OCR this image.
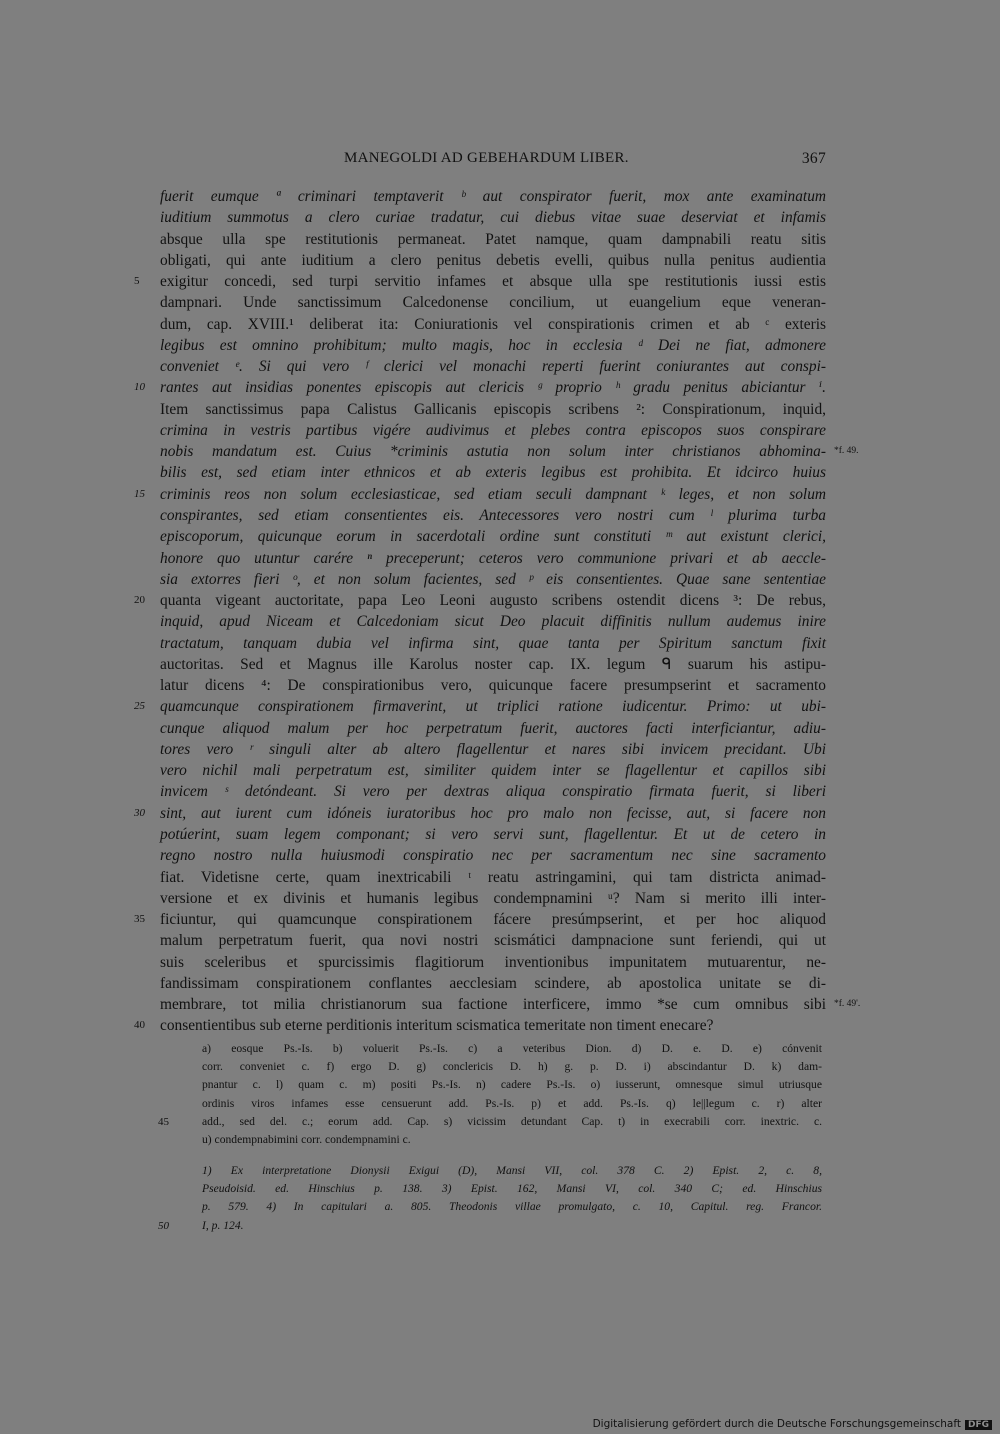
MANEGOLDI AD GEBEHARDUM LIBER.	367
fuerit eumque ª criminari temptaverit ᵇ aut conspirator fuerit, mox ante examinatum
iuditium summotus a clero curiae tradatur, cui diebus vitae suae deserviat et infamis
absque ulla spe restitutionis permaneat. Patet namque, quam dampnabili reatu sitis
obligati, qui ante iuditium a clero penitus debetis evelli, quibus nulla penitus audientia
5	exigitur concedi, sed turpi servitio infames et absque ulla spe restitutionis iussi estis
dampnari. Unde sanctissimum Calcedonense concilium, ut euangelium eque veneran-
dum, cap. XVIII.¹ deliberat ita: Coniurationis vel conspirationis crimen et ab ᶜ exteris
legibus est omnino prohibitum; multo magis, hoc in ecclesia ᵈ Dei ne fiat, admonere
conveniet ᵉ. Si qui vero ᶠ clerici vel monachi reperti fuerint coniurantes aut conspi-
10 rantes aut insidias ponentes episcopis aut clericis ᵍ proprio ʰ gradu penitus abiciantur ⁱ.
Item sanctissimus papa Calistus Gallicanis episcopis scribens ²: Conspirationum, inquid,
crimina in vestris partibus vigére audivimus et plebes contra episcopos suos conspirare
nobis mandatum est. Cuius *criminis astutia non solum inter christianos abhomina- *f. 49.
bilis est, sed etiam inter ethnicos et ab exteris legibus est prohibita. Et idcirco huius
15 criminis reos non solum ecclesiasticae, sed etiam seculi dampnant ᵏ leges, et non solum
conspirantes, sed etiam consentientes eis. Antecessores vero nostri cum ˡ plurima turba
episcoporum, quicunque eorum in sacerdotali ordine sunt constituti ᵐ aut existunt clerici,
honore quo utuntur carére ⁿ preceperunt; ceteros vero communione privari et ab aeccle-
sia extorres fieri ᵒ, et non solum facientes, sed ᵖ eis consentientes. Quae sane sententiae
20 quanta vigeant auctoritate, papa Leo Leoni augusto scribens ostendit dicens ³: De rebus,
inquid, apud Niceam et Calcedoniam sicut Deo placuit diffinitis nullum audemus inire
tractatum, tanquam dubia vel infirma sint, quae tanta per Spiritum sanctum fixit
auctoritas. Sed et Magnus ille Karolus noster cap. IX. legum ᑫ suarum his astipu-
latur dicens ⁴: De conspirationibus vero, quicunque facere presumpserint et sacramento
25 quamcunque conspirationem firmaverint, ut triplici ratione iudicentur. Primo: ut ubi-
cunque aliquod malum per hoc perpetratum fuerit, auctores facti interficiantur, adiu-
tores vero ʳ singuli alter ab altero flagellentur et nares sibi invicem precidant. Ubi
vero nichil mali perpetratum est, similiter quidem inter se flagellentur et capillos sibi
invicem ˢ detóndeant. Si vero per dextras aliqua conspiratio firmata fuerit, si liberi
30 sint, aut iurent cum idóneis iuratoribus hoc pro malo non fecisse, aut, si facere non
potúerint, suam legem componant; si vero servi sunt, flagellentur. Et ut de cetero in
regno nostro nulla huiusmodi conspiratio nec per sacramentum nec sine sacramento
fiat. Videtisne certe, quam inextricabili ᵗ reatu astringamini, qui tam districta animad-
versione et ex divinis et humanis legibus condempnamini ᵘ? Nam si merito illi inter-
35 ficiuntur, qui quamcunque conspirationem fácere presúmpserint, et per hoc aliquod
malum perpetratum fuerit, qua novi nostri scismátici dampnacione sunt feriendi, qui ut
suis sceleribus et spurcissimis flagitiorum inventionibus impunitatem mutuarentur, ne-
fandissimam conspirationem conflantes aecclesiam scindere, ab apostolica unitate se di-
membrare, tot milia christianorum sua factione interficere, immo *se cum omnibus sibi *f. 49'.
40 consentientibus sub eterne perditionis interitum scismatica temeritate non timent enecare?
a) eosque Ps.-Is. b) voluerit Ps.-Is. c) a veteribus Dion. d) D. e. D. e) cónvenit
corr. conveniet c. f) ergo D. g) conclericis D. h) g. p. D. i) abscindantur D. k) dam-
pnantur c. l) quam c. m) positi Ps.-Is. n) cadere Ps.-Is. o) iusserunt, omnesque simul utriusque
ordinis viros infames esse censuerunt add. Ps.-Is. p) et add. Ps.-Is. q) le||legum c. r) alter
45	add., sed del. c.; eorum add. Cap. s) vicissim detundant Cap. t) in execrabili corr. inextric. c.
u) condempnabimini corr. condempnamini c.
1) Ex interpretatione Dionysii Exigui (D), Mansi VII, col. 378 C. 2) Epist. 2, c. 8,
Pseudoisid. ed. Hinschius p. 138. 3) Epist. 162, Mansi VI, col. 340 C; ed. Hinschius
p. 579. 4) In capitulari a. 805. Theodonis villae promulgato, c. 10, Capitul. reg. Francor.
50	I, p. 124.
Digitalisierung gefördert durch die Deutsche Forschungsgemeinschaft DFG
